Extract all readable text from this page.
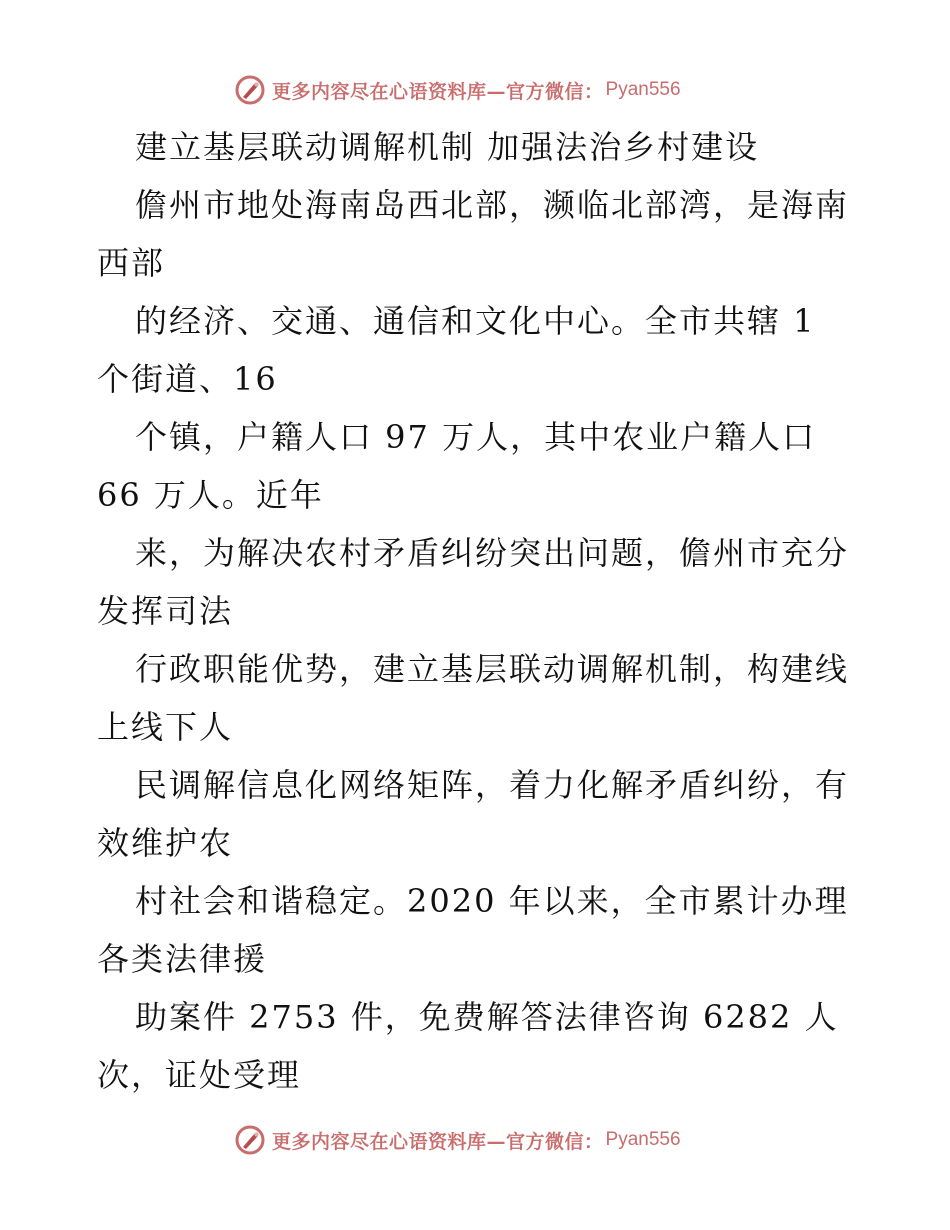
更多内容尽在心语资料库—官方微信： Pyan556
建立基层联动调解机制 加强法治乡村建设
儋州市地处海南岛西北部，濒临北部湾，是海南
西部
的经济、交通、通信和文化中心。全市共辖 1
个街道、16
个镇，户籍人口 97 万人，其中农业户籍人口
66 万人。近年
来，为解决农村矛盾纠纷突出问题，儋州市充分
发挥司法
行政职能优势，建立基层联动调解机制，构建线
上线下人
民调解信息化网络矩阵，着力化解矛盾纠纷，有
效维护农
村社会和谐稳定。2020 年以来，全市累计办理
各类法律援
助案件 2753 件，免费解答法律咨询 6282 人
次，证处受理
更多内容尽在心语资料库—官方微信： Pyan556
